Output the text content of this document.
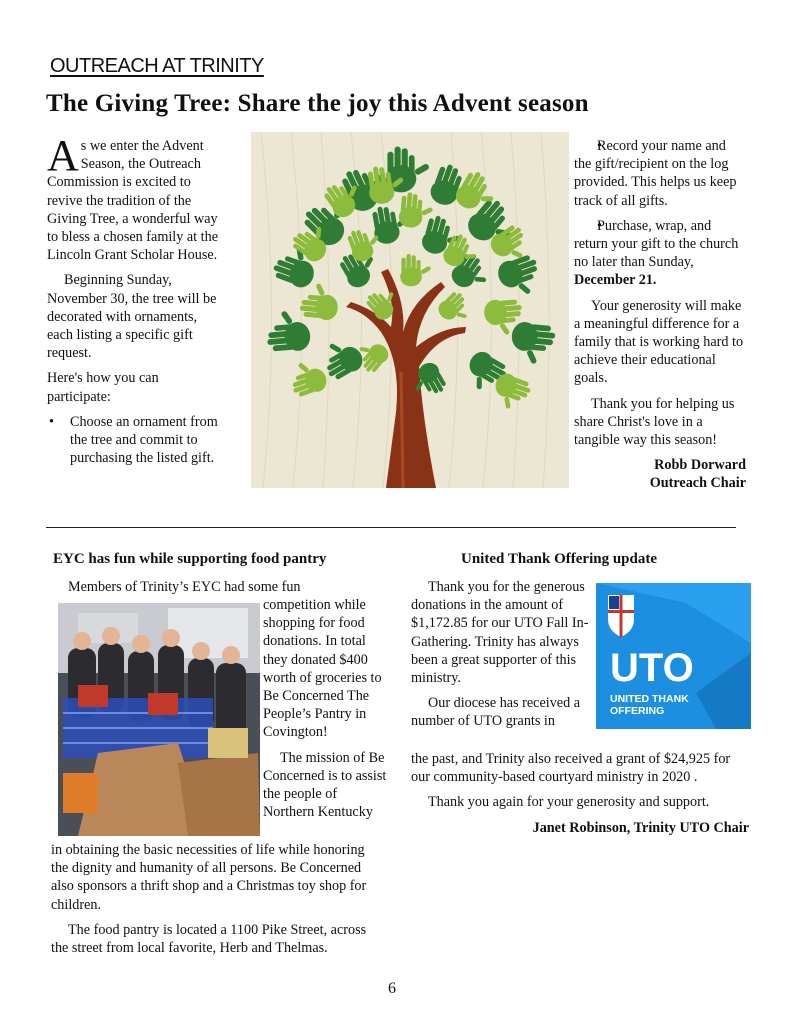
OUTREACH AT TRINITY
The Giving Tree: Share the joy this Advent season

As we enter the Advent Season, the Outreach Commission is excited to revive the tradition of the Giving Tree, a wonderful way to bless a chosen family at the Lincoln Grant Scholar House.

Beginning Sunday, November 30, the tree will be decorated with ornaments, each listing a specific gift request.

Here's how you can participate:

• Choose an ornament from the tree and commit to purchasing the listed gift.
• Record your name and the gift/recipient on the log provided. This helps us keep track of all gifts.
• Purchase, wrap, and return your gift to the church no later than Sunday, December 21.

Your generosity will make a meaningful difference for a family that is working hard to achieve their educational goals.

Thank you for helping us share Christ's love in a tangible way this season!

Robb Dorward
Outreach Chair
EYC has fun while supporting food pantry
Members of Trinity’s EYC had some fun

competition while shopping for food donations. In total they donated $400 worth of groceries to Be Concerned The People’s Pantry in Covington!

The mission of Be Concerned is to assist the people of Northern Kentucky

in obtaining the basic necessities of life while honoring the dignity and humanity of all persons. Be Concerned also sponsors a thrift shop and a Christmas toy shop for children.

The food pantry is located a 1100 Pike Street, across the street from local favorite, Herb and Thelmas.

United Thank Offering update

Thank you for the generous donations in the amount of $1,172.85 for our UTO Fall In-Gathering. Trinity has always been a great supporter of this ministry.

Our diocese has received a number of UTO grants in

UTO
UNITED THANK
OFFERING

the past, and Trinity also received a grant of $24,925 for our community-based courtyard ministry in 2020 .

Thank you again for your generosity and support.

Janet Robinson, Trinity UTO Chair
6
